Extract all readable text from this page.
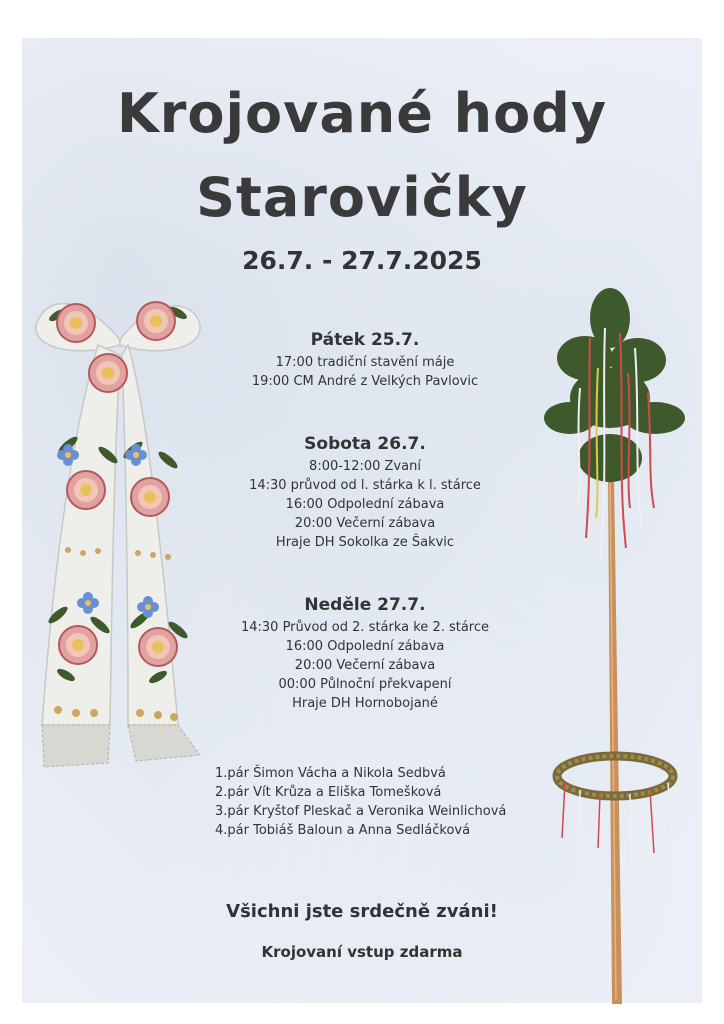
Krojované hody
Starovičky
26.7. - 27.7.2025
Pátek 25.7.
17:00 tradiční stavění máje
19:00 CM André z Velkých Pavlovic
Sobota 26.7.
8:00-12:00 Zvaní
14:30 průvod od l. stárka k l. stárce
16:00 Odpolední zábava
20:00 Večerní zábava
Hraje DH Sokolka ze Šakvic
Neděle 27.7.
14:30 Průvod od 2. stárka ke 2. stárce
16:00 Odpolední zábava
20:00 Večerní zábava
00:00 Půlnoční překvapení
Hraje DH Hornobojané
1.pár Šimon Vácha a Nikola Sedbvá
2.pár Vít Krůza a Eliška Tomešková
3.pár Kryštof Pleskač a Veronika Weinlichová
4.pár Tobiáš Baloun a Anna Sedláčková
Všichni jste srdečně zváni!
Krojovaní vstup zdarma
